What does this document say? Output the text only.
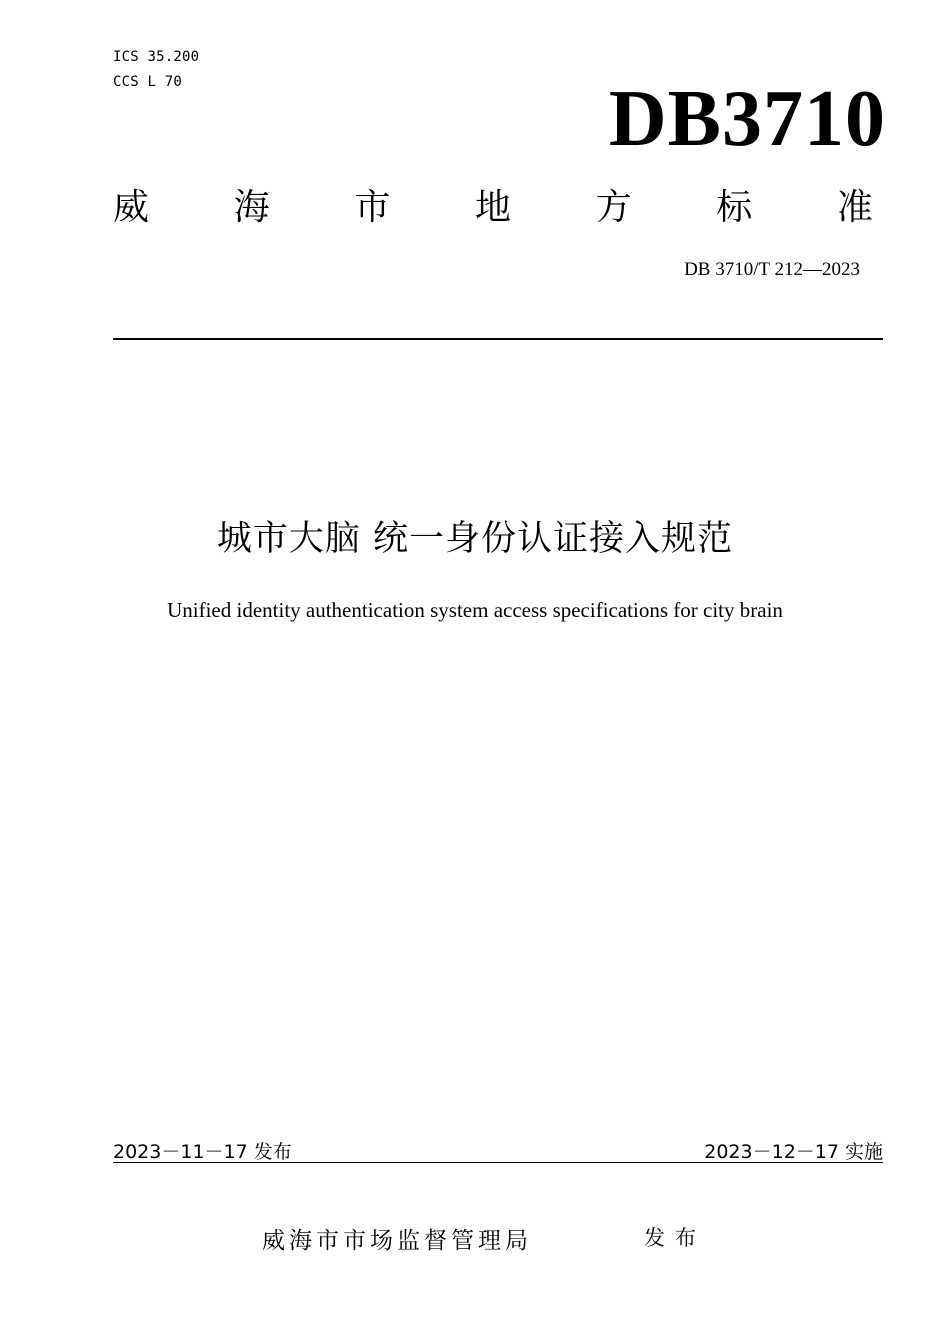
ICS 35.200
CCS L 70	DB3710
威 海 市 地 方 标 准
DB 3710/T 212—2023
城市大脑 统一身份认证接入规范
Unified identity authentication system access specifications for city brain
2023－11－17 发布	2023－12－17 实施
威海市市场监督管理局	发布
